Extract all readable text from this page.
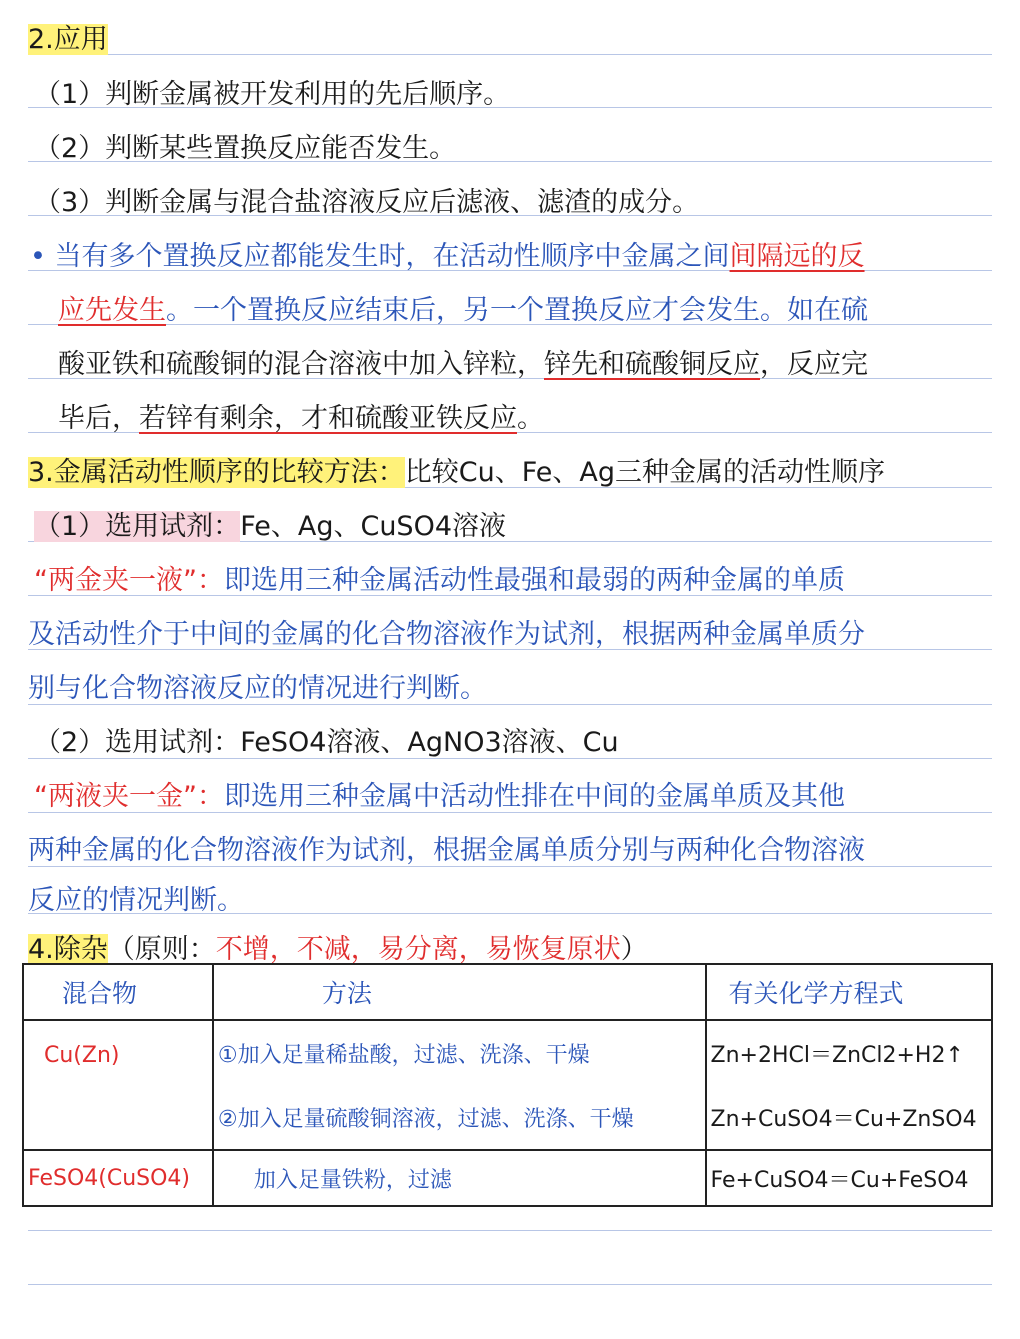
2.应用
（1）判断金属被开发利用的先后顺序。
（2）判断某些置换反应能否发生。
（3）判断金属与混合盐溶液反应后滤液、滤渣的成分。
• 当有多个置换反应都能发生时，在活动性顺序中金属之间间隔远的反
应先发生。一个置换反应结束后，另一个置换反应才会发生。如在硫
酸亚铁和硫酸铜的混合溶液中加入锌粒，锌先和硫酸铜反应，反应完
毕后，若锌有剩余，才和硫酸亚铁反应。
3.金属活动性顺序的比较方法：比较Cu、Fe、Ag三种金属的活动性顺序
（1）选用试剂：Fe、Ag、CuSO4溶液
“两金夹一液”：即选用三种金属活动性最强和最弱的两种金属的单质
及活动性介于中间的金属的化合物溶液作为试剂，根据两种金属单质分
别与化合物溶液反应的情况进行判断。
（2）选用试剂：FeSO4溶液、AgNO3溶液、Cu
“两液夹一金”：即选用三种金属中活动性排在中间的金属单质及其他
两种金属的化合物溶液作为试剂，根据金属单质分别与两种化合物溶液
反应的情况判断。
4.除杂（原则：不增，不减，易分离，易恢复原状）
混合物	方法	有关化学方程式
Cu(Zn)	①加入足量稀盐酸，过滤、洗涤、干燥	Zn+2HCl＝ZnCl2+H2↑
	②加入足量硫酸铜溶液，过滤、洗涤、干燥	Zn+CuSO4＝Cu+ZnSO4
FeSO4(CuSO4)	加入足量铁粉，过滤	Fe+CuSO4＝Cu+FeSO4
